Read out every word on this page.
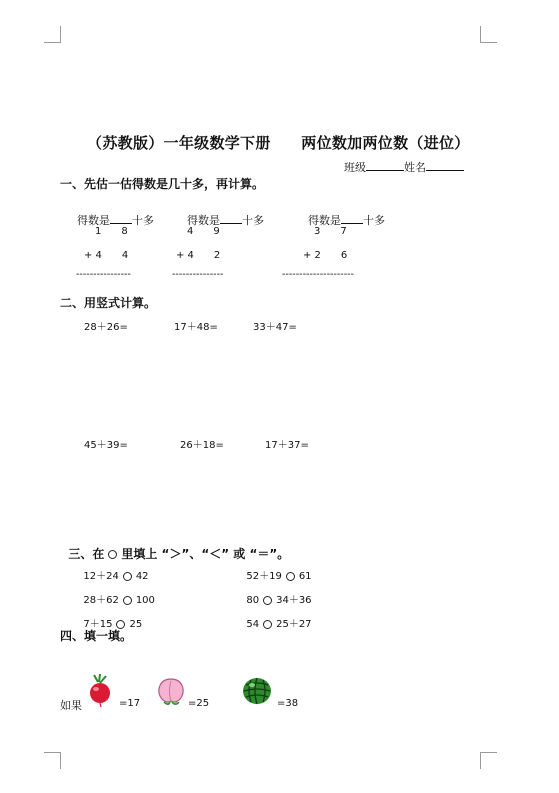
（苏教版）一年级数学下册　　 两位数加两位数（进位）

班级	姓名

一、先估一估得数是几十多，再计算。

得数是 十多	得数是 十多	得数是 十多

1　　8
+ 4　　4
----------------
4　　9
+ 4　　2
---------------
3　　7
+ 2　　6
---------------------
二、用竖式计算。
28＋26=	17＋48=	33＋47=
45＋39=	26＋18=	17＋37=

三、在 里填上 “＞”、“＜” 或 “＝”。

12＋24 42	52＋19 61

28＋62 100	80 34＋36

7＋15 25	54 25＋27

四、填一填。
如果	=17	=25	=38
